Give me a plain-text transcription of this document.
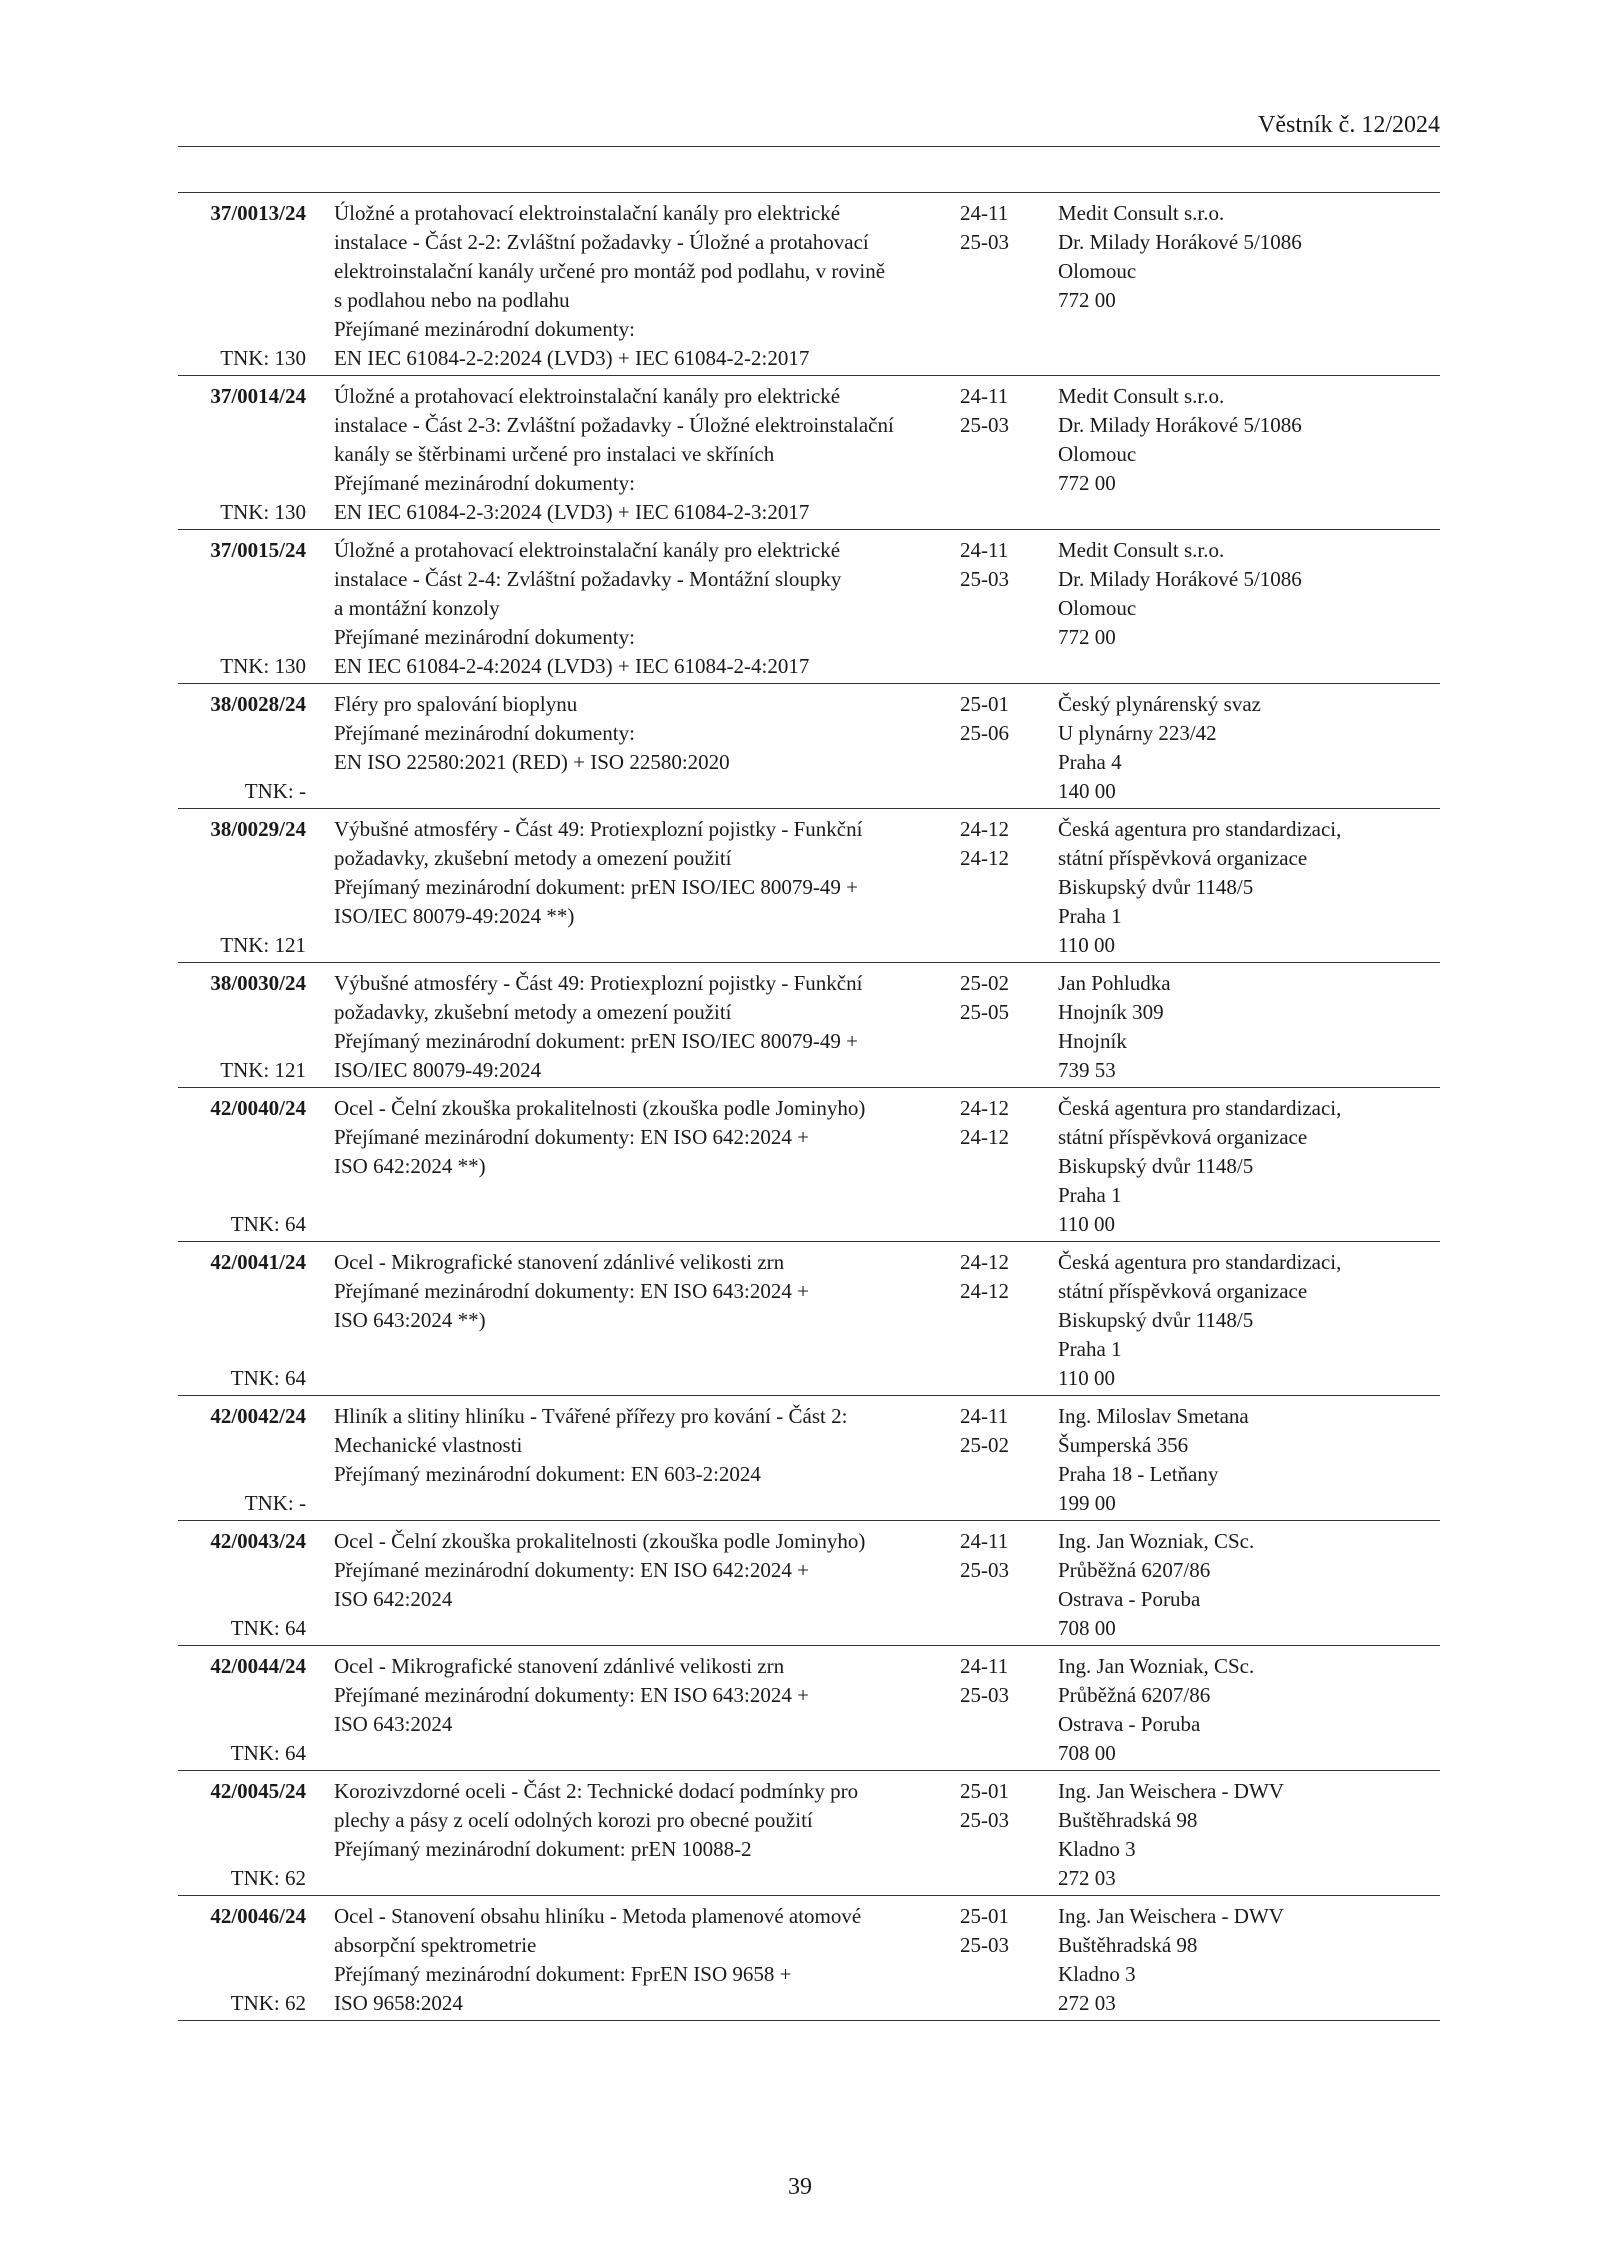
Věstník č. 12/2024
37/0013/24
TNK: 130
Úložné a protahovací elektroinstalační kanály pro elektrické
instalace - Část 2-2: Zvláštní požadavky - Úložné a protahovací
elektroinstalační kanály určené pro montáž pod podlahu, v rovině
s podlahou nebo na podlahu
Přejímané mezinárodní dokumenty:
EN IEC 61084-2-2:2024 (LVD3) + IEC 61084-2-2:2017
24-11
25-03
Medit Consult s.r.o.
Dr. Milady Horákové 5/1086
Olomouc
772 00
37/0014/24
TNK: 130
Úložné a protahovací elektroinstalační kanály pro elektrické
instalace - Část 2-3: Zvláštní požadavky - Úložné elektroinstalační
kanály se štěrbinami určené pro instalaci ve skříních
Přejímané mezinárodní dokumenty:
EN IEC 61084-2-3:2024 (LVD3) + IEC 61084-2-3:2017
24-11
25-03
Medit Consult s.r.o.
Dr. Milady Horákové 5/1086
Olomouc
772 00
37/0015/24
TNK: 130
Úložné a protahovací elektroinstalační kanály pro elektrické
instalace - Část 2-4: Zvláštní požadavky - Montážní sloupky
a montážní konzoly
Přejímané mezinárodní dokumenty:
EN IEC 61084-2-4:2024 (LVD3) + IEC 61084-2-4:2017
24-11
25-03
Medit Consult s.r.o.
Dr. Milady Horákové 5/1086
Olomouc
772 00
38/0028/24
TNK: -
Fléry pro spalování bioplynu
Přejímané mezinárodní dokumenty:
EN ISO 22580:2021 (RED) + ISO 22580:2020
25-01
25-06
Český plynárenský svaz
U plynárny 223/42
Praha 4
140 00
38/0029/24
TNK: 121
Výbušné atmosféry - Část 49: Protiexplozní pojistky - Funkční
požadavky, zkušební metody a omezení použití
Přejímaný mezinárodní dokument: prEN ISO/IEC 80079-49 +
ISO/IEC 80079-49:2024 **)
24-12
24-12
Česká agentura pro standardizaci,
státní příspěvková organizace
Biskupský dvůr 1148/5
Praha 1
110 00
38/0030/24
TNK: 121
Výbušné atmosféry - Část 49: Protiexplozní pojistky - Funkční
požadavky, zkušební metody a omezení použití
Přejímaný mezinárodní dokument: prEN ISO/IEC 80079-49 +
ISO/IEC 80079-49:2024
25-02
25-05
Jan Pohludka
Hnojník 309
Hnojník
739 53
42/0040/24
TNK: 64
Ocel - Čelní zkouška prokalitelnosti (zkouška podle Jominyho)
Přejímané mezinárodní dokumenty: EN ISO 642:2024 +
ISO 642:2024 **)
24-12
24-12
Česká agentura pro standardizaci,
státní příspěvková organizace
Biskupský dvůr 1148/5
Praha 1
110 00
42/0041/24
TNK: 64
Ocel - Mikrografické stanovení zdánlivé velikosti zrn
Přejímané mezinárodní dokumenty: EN ISO 643:2024 +
ISO 643:2024 **)
24-12
24-12
Česká agentura pro standardizaci,
státní příspěvková organizace
Biskupský dvůr 1148/5
Praha 1
110 00
42/0042/24
TNK: -
Hliník a slitiny hliníku - Tvářené přířezy pro kování - Část 2:
Mechanické vlastnosti
Přejímaný mezinárodní dokument: EN 603-2:2024
24-11
25-02
Ing. Miloslav Smetana
Šumperská 356
Praha 18 - Letňany
199 00
42/0043/24
TNK: 64
Ocel - Čelní zkouška prokalitelnosti (zkouška podle Jominyho)
Přejímané mezinárodní dokumenty: EN ISO 642:2024 +
ISO 642:2024
24-11
25-03
Ing. Jan Wozniak, CSc.
Průběžná 6207/86
Ostrava - Poruba
708 00
42/0044/24
TNK: 64
Ocel - Mikrografické stanovení zdánlivé velikosti zrn
Přejímané mezinárodní dokumenty: EN ISO 643:2024 +
ISO 643:2024
24-11
25-03
Ing. Jan Wozniak, CSc.
Průběžná 6207/86
Ostrava - Poruba
708 00
42/0045/24
TNK: 62
Korozivzdorné oceli - Část 2: Technické dodací podmínky pro
plechy a pásy z ocelí odolných korozi pro obecné použití
Přejímaný mezinárodní dokument: prEN 10088-2
25-01
25-03
Ing. Jan Weischera - DWV
Buštěhradská 98
Kladno 3
272 03
42/0046/24
TNK: 62
Ocel - Stanovení obsahu hliníku - Metoda plamenové atomové
absorpční spektrometrie
Přejímaný mezinárodní dokument: FprEN ISO 9658 +
ISO 9658:2024
25-01
25-03
Ing. Jan Weischera - DWV
Buštěhradská 98
Kladno 3
272 03
39
